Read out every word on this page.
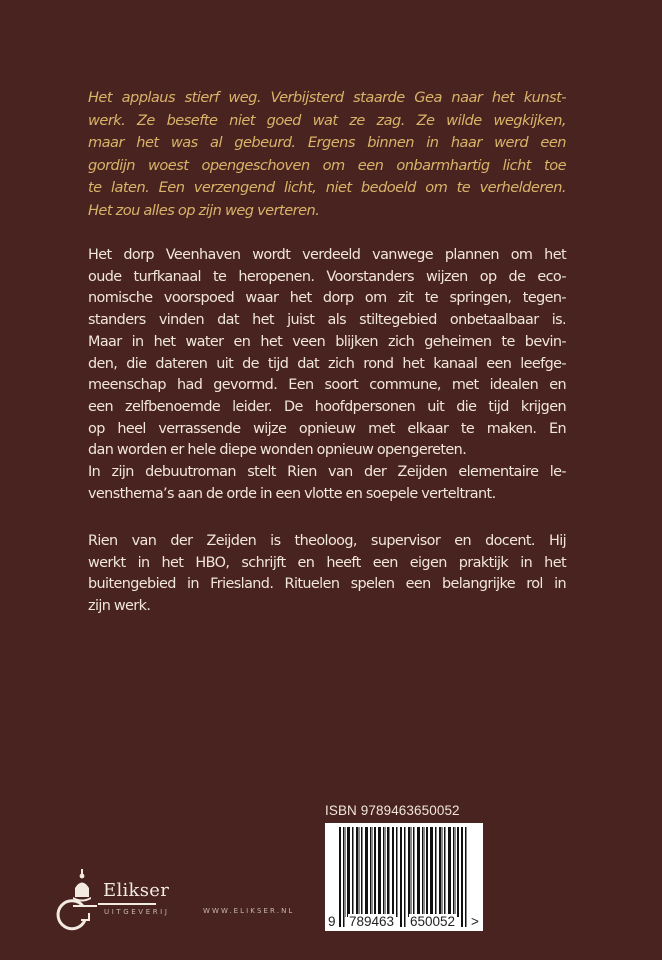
Het applaus stierf weg. Verbijsterd staarde Gea naar het kunst-
werk. Ze besefte niet goed wat ze zag. Ze wilde wegkijken,
maar het was al gebeurd. Ergens binnen in haar werd een
gordijn woest opengeschoven om een onbarmhartig licht toe
te laten. Een verzengend licht, niet bedoeld om te verhelderen.
Het zou alles op zijn weg verteren.
Het dorp Veenhaven wordt verdeeld vanwege plannen om het
oude turfkanaal te heropenen. Voorstanders wijzen op de eco-
nomische voorspoed waar het dorp om zit te springen, tegen-
standers vinden dat het juist als stiltegebied onbetaalbaar is.
Maar in het water en het veen blijken zich geheimen te bevin-
den, die dateren uit de tijd dat zich rond het kanaal een leefge-
meenschap had gevormd. Een soort commune, met idealen en
een zelfbenoemde leider. De hoofdpersonen uit die tijd krijgen
op heel verrassende wijze opnieuw met elkaar te maken. En
dan worden er hele diepe wonden opnieuw opengereten.
In zijn debuutroman stelt Rien van der Zeijden elementaire le-
vensthema’s aan de orde in een vlotte en soepele verteltrant.
Rien van der Zeijden is theoloog, supervisor en docent. Hij
werkt in het HBO, schrijft en heeft een eigen praktijk in het
buitengebied in Friesland. Rituelen spelen een belangrijke rol in
zijn werk.
ISBN 9789463650052
9 789463 650052 >
Elikser
UITGEVERIJ	WWW.ELIKSER.NL
